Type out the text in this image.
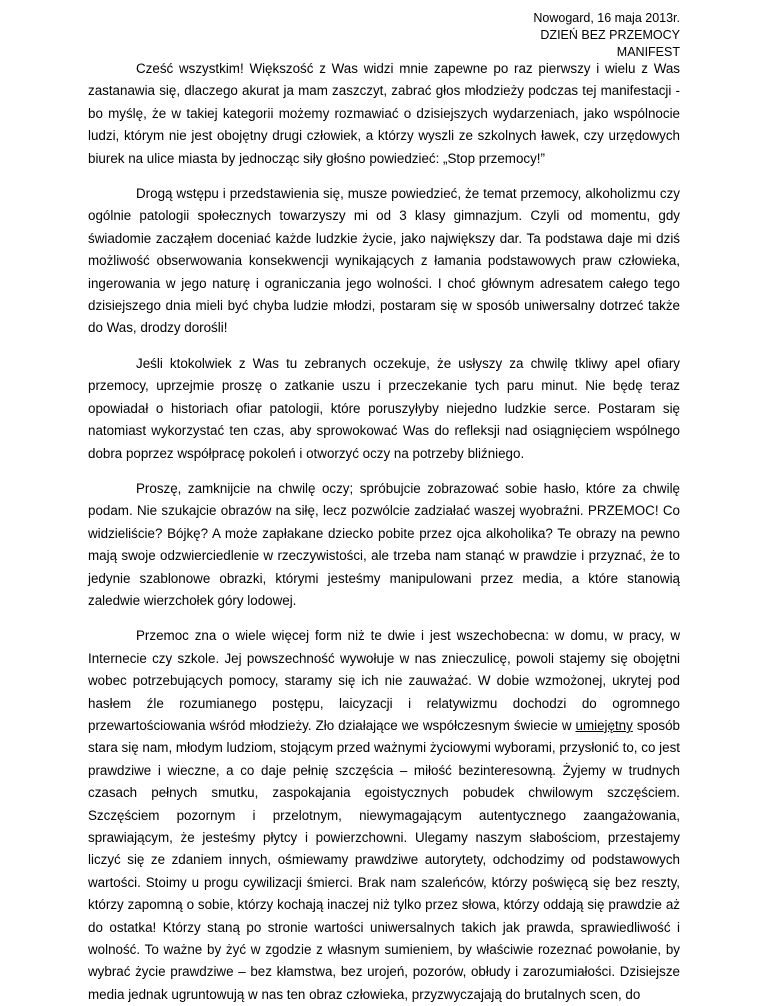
Nowogard, 16 maja 2013r.
DZIEŃ BEZ PRZEMOCY
MANIFEST

Cześć wszystkim! Większość z Was widzi mnie zapewne po raz pierwszy i wielu z Was zastanawia się, dlaczego akurat ja mam zaszczyt, zabrać głos młodzieży podczas tej manifestacji - bo myślę, że w takiej kategorii możemy rozmawiać o dzisiejszych wydarzeniach, jako wspólnocie ludzi, którym nie jest obojętny drugi człowiek, a którzy wyszli ze szkolnych ławek, czy urzędowych biurek na ulice miasta by jednocząc siły głośno powiedzieć: „Stop przemocy!”

Drogą wstępu i przedstawienia się, musze powiedzieć, że temat przemocy, alkoholizmu czy ogólnie patologii społecznych towarzyszy mi od 3 klasy gimnazjum. Czyli od momentu, gdy świadomie zacząłem doceniać każde ludzkie życie, jako największy dar. Ta podstawa daje mi dziś możliwość obserwowania konsekwencji wynikających z łamania podstawowych praw człowieka, ingerowania w jego naturę i ograniczania jego wolności. I choć głównym adresatem całego tego dzisiejszego dnia mieli być chyba ludzie młodzi, postaram się w sposób uniwersalny dotrzeć także do Was, drodzy dorośli!

Jeśli ktokolwiek z Was tu zebranych oczekuje, że usłyszy za chwilę tkliwy apel ofiary przemocy, uprzejmie proszę o zatkanie uszu i przeczekanie tych paru minut. Nie będę teraz opowiadał o historiach ofiar patologii, które poruszyłyby niejedno ludzkie serce. Postaram się natomiast wykorzystać ten czas, aby sprowokować Was do refleksji nad osiągnięciem wspólnego dobra poprzez współpracę pokoleń i otworzyć oczy na potrzeby bliźniego.

Proszę, zamknijcie na chwilę oczy; spróbujcie zobrazować sobie hasło, które za chwilę podam. Nie szukajcie obrazów na siłę, lecz pozwólcie zadziałać waszej wyobraźni. PRZEMOC! Co widzieliście? Bójkę? A może zapłakane dziecko pobite przez ojca alkoholika? Te obrazy na pewno mają swoje odzwierciedlenie w rzeczywistości, ale trzeba nam stanąć w prawdzie i przyznać, że to jedynie szablonowe obrazki, którymi jesteśmy manipulowani przez media, a które stanowią zaledwie wierzchołek góry lodowej.

Przemoc zna o wiele więcej form niż te dwie i jest wszechobecna: w domu, w pracy, w Internecie czy szkole. Jej powszechność wywołuje w nas znieczulicę, powoli stajemy się obojętni wobec potrzebujących pomocy, staramy się ich nie zauważać. W dobie wzmożonej, ukrytej pod hasłem źle rozumianego postępu, laicyzacji i relatywizmu dochodzi do ogromnego przewartościowania wśród młodzieży. Zło działające we współczesnym świecie w umiejętny sposób stara się nam, młodym ludziom, stojącym przed ważnymi życiowymi wyborami, przysłonić to, co jest prawdziwe i wieczne, a co daje pełnię szczęścia – miłość bezinteresowną. Żyjemy w trudnych czasach pełnych smutku, zaspokajania egoistycznych pobudek chwilowym szczęściem. Szczęściem pozornym i przelotnym, niewymagającym autentycznego zaangażowania, sprawiającym, że jesteśmy płytcy i powierzchowni. Ulegamy naszym słabościom, przestajemy liczyć się ze zdaniem innych, ośmiewamy prawdziwe autorytety, odchodzimy od podstawowych wartości. Stoimy u progu cywilizacji śmierci. Brak nam szaleńców, którzy poświęcą się bez reszty, którzy zapomną o sobie, którzy kochają inaczej niż tylko przez słowa, którzy oddają się prawdzie aż do ostatka! Którzy staną po stronie wartości uniwersalnych takich jak prawda, sprawiedliwość i wolność. To ważne by żyć w zgodzie z własnym sumieniem, by właściwie rozeznać powołanie, by wybrać życie prawdziwe – bez kłamstwa, bez urojeń, pozorów, obłudy i zarozumiałości. Dzisiejsze media jednak ugruntowują w nas ten obraz człowieka, przyzwyczajają do brutalnych scen, do
